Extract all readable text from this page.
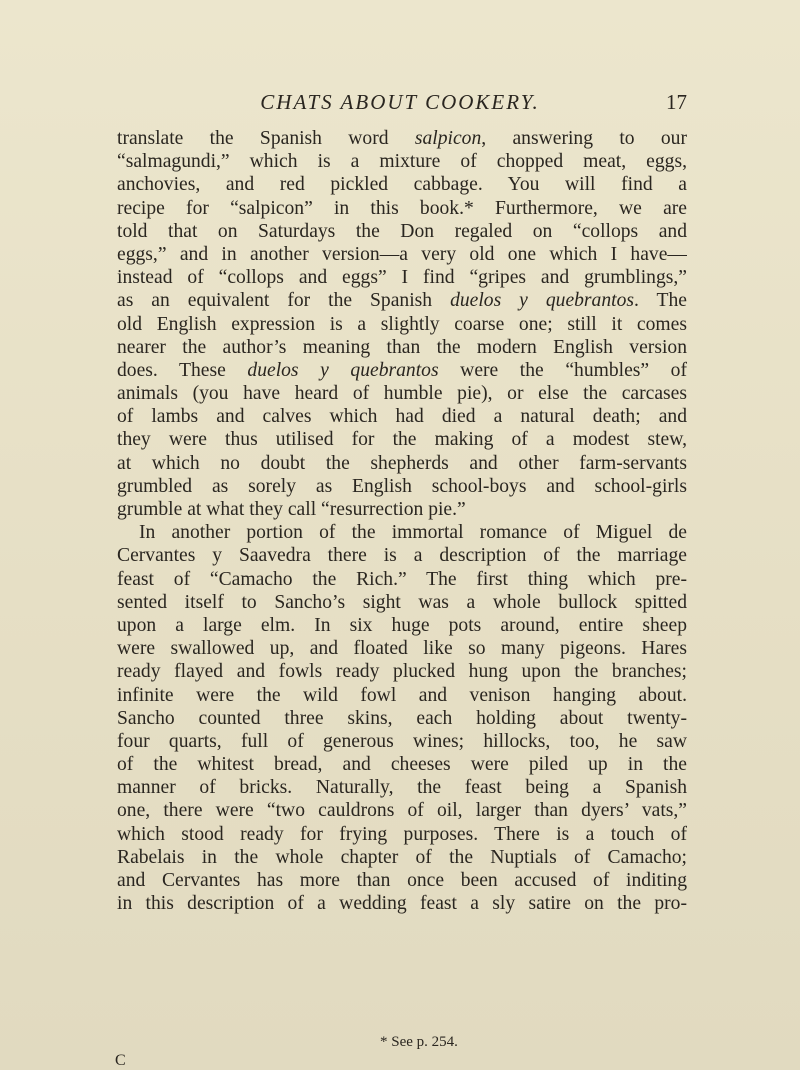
CHATS ABOUT COOKERY.	17
translate the Spanish word salpicon, answering to our
“salmagundi,” which is a mixture of chopped meat, eggs,
anchovies, and red pickled cabbage. You will find a
recipe for “salpicon” in this book.* Furthermore, we are
told that on Saturdays the Don regaled on “collops and
eggs,” and in another version—a very old one which I have—
instead of “collops and eggs” I find “gripes and grumblings,”
as an equivalent for the Spanish duelos y quebrantos. The
old English expression is a slightly coarse one; still it comes
nearer the author’s meaning than the modern English version
does. These duelos y quebrantos were the “humbles” of
animals (you have heard of humble pie), or else the carcases
of lambs and calves which had died a natural death; and
they were thus utilised for the making of a modest stew,
at which no doubt the shepherds and other farm-servants
grumbled as sorely as English school-boys and school-girls
grumble at what they call “resurrection pie.”
In another portion of the immortal romance of Miguel de
Cervantes y Saavedra there is a description of the marriage
feast of “Camacho the Rich.” The first thing which pre-
sented itself to Sancho’s sight was a whole bullock spitted
upon a large elm. In six huge pots around, entire sheep
were swallowed up, and floated like so many pigeons. Hares
ready flayed and fowls ready plucked hung upon the branches;
infinite were the wild fowl and venison hanging about.
Sancho counted three skins, each holding about twenty-
four quarts, full of generous wines; hillocks, too, he saw
of the whitest bread, and cheeses were piled up in the
manner of bricks. Naturally, the feast being a Spanish
one, there were “two cauldrons of oil, larger than dyers’ vats,”
which stood ready for frying purposes. There is a touch of
Rabelais in the whole chapter of the Nuptials of Camacho;
and Cervantes has more than once been accused of inditing
in this description of a wedding feast a sly satire on the pro-
* See p. 254.
C
